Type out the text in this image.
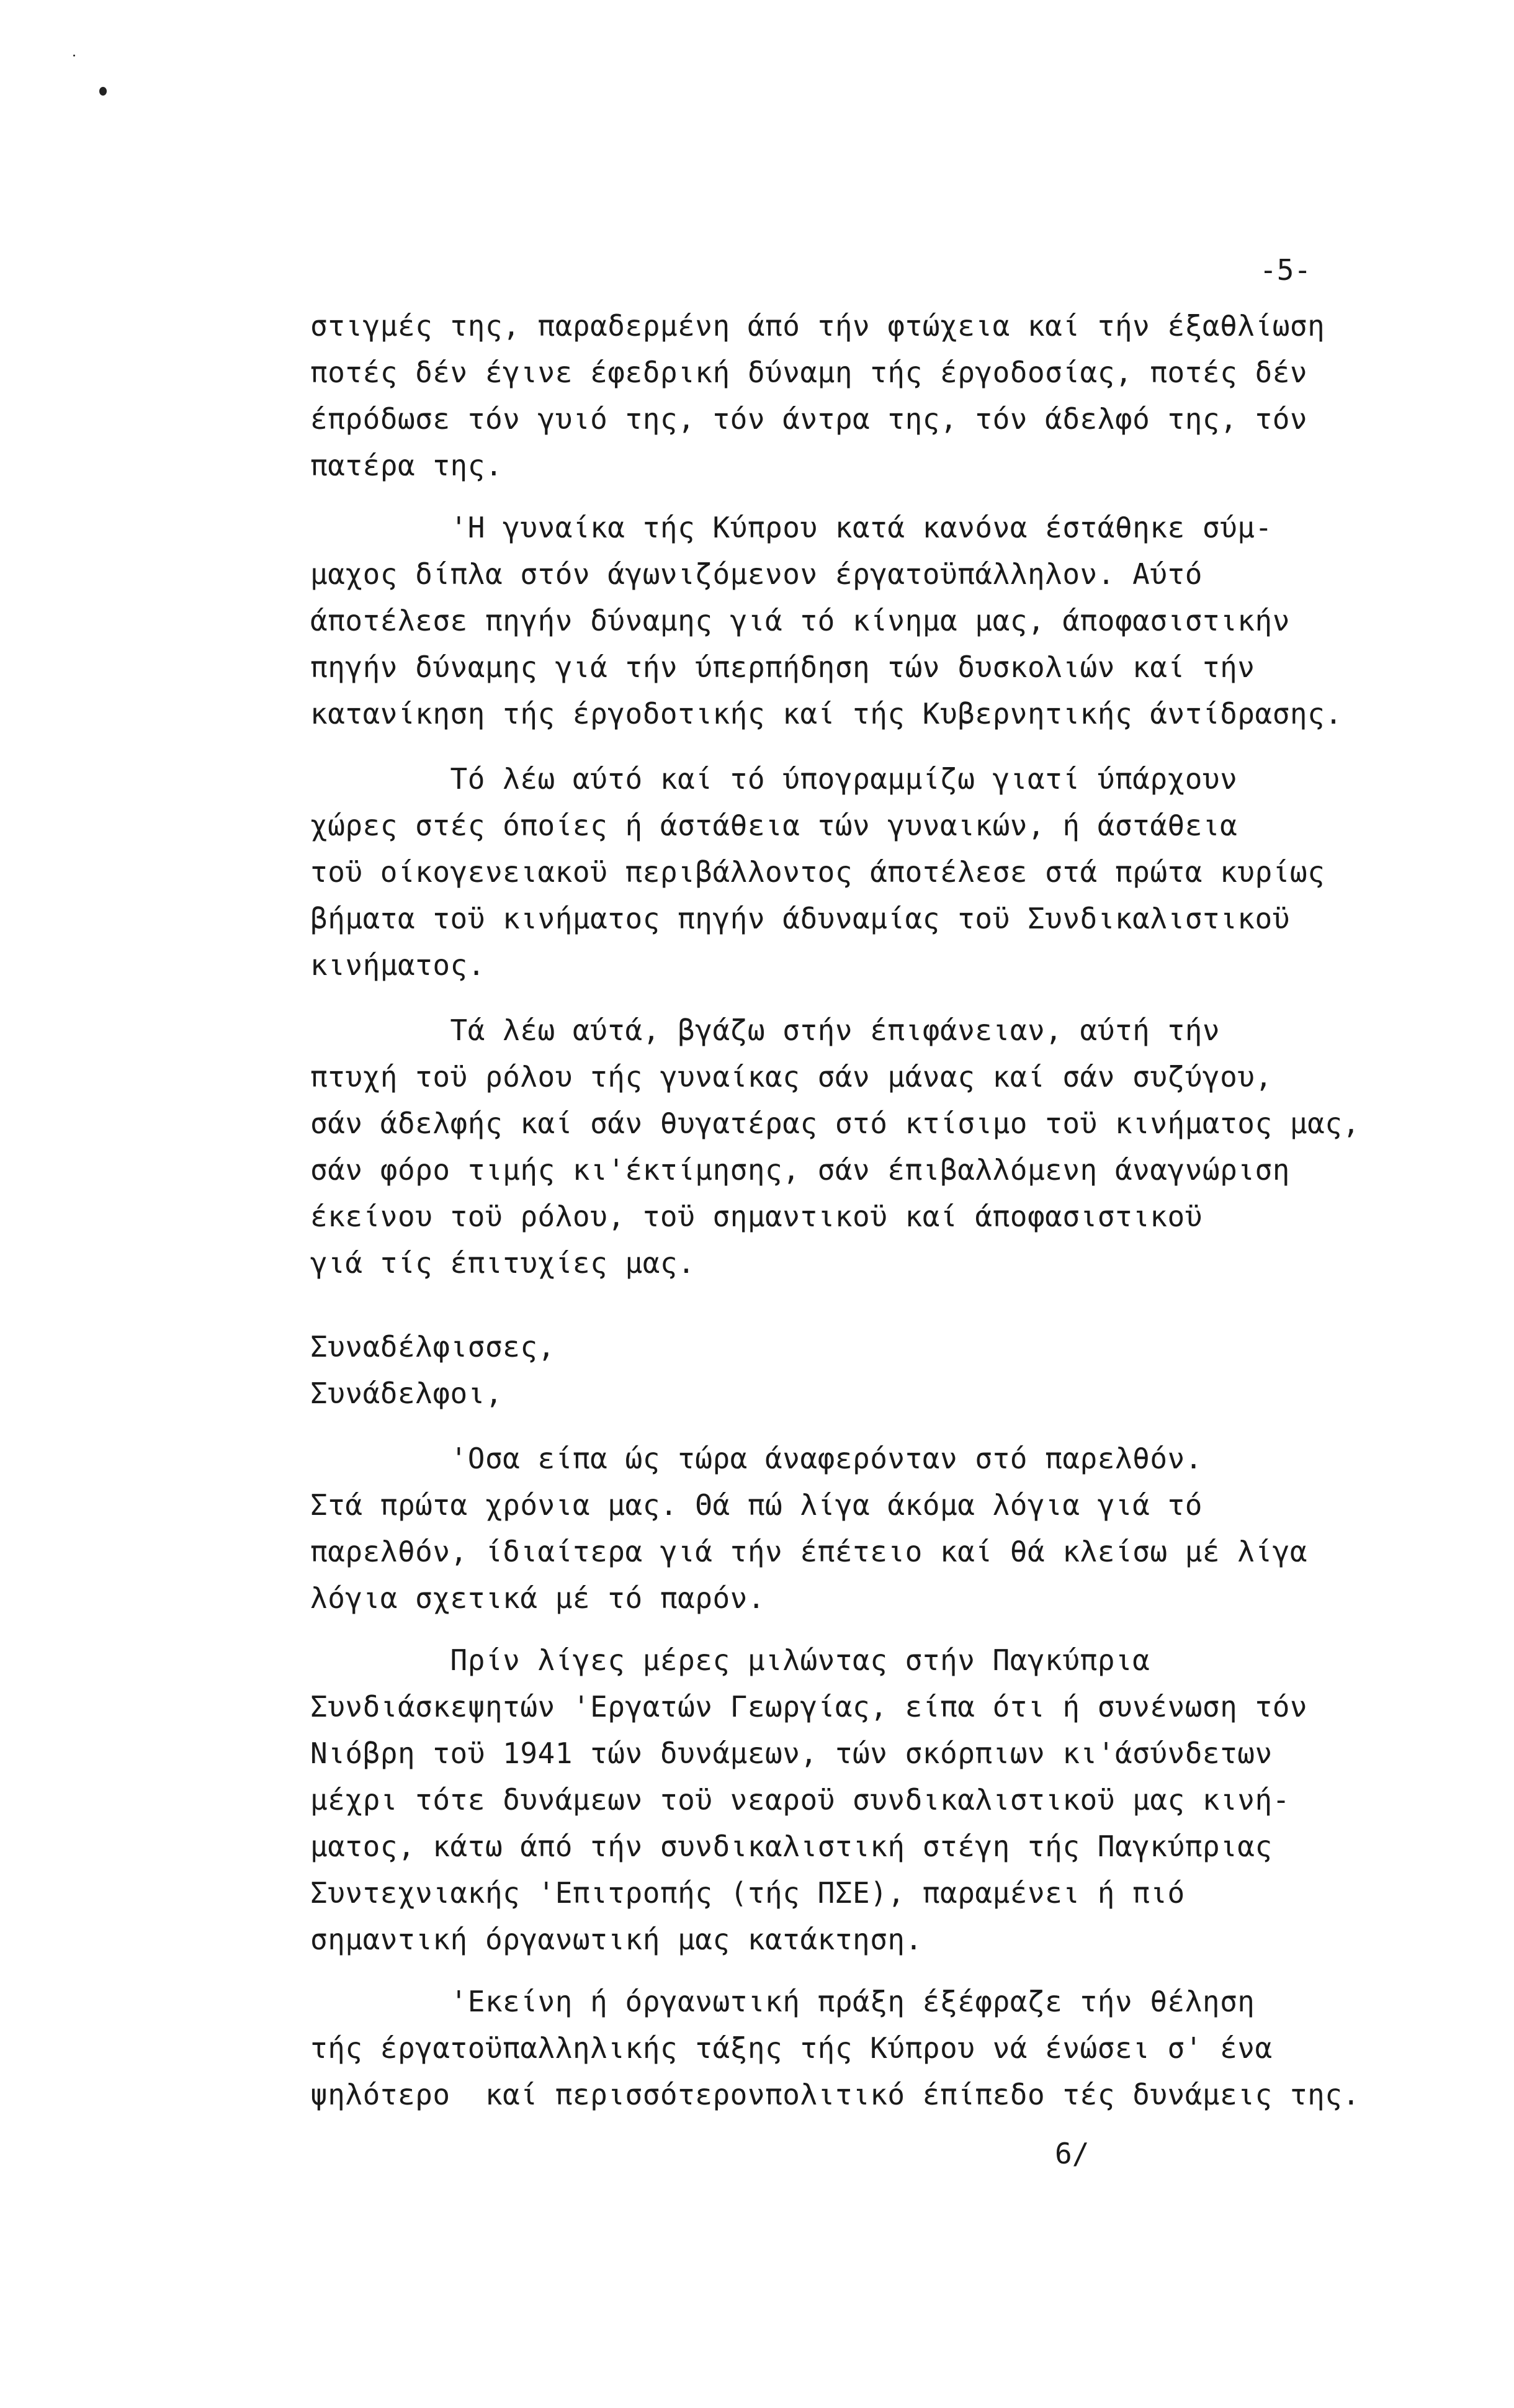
-5-
στιγμές της, παραδερμένη άπό τήν φτώχεια καί τήν έξαθλίωση
ποτές δέν έγινε έφεδρική δύναμη τής έργοδοσίας, ποτές δέν
έπρόδωσε τόν γυιό της, τόν άντρα της, τόν άδελφό της, τόν
πατέρα της.
'Η γυναίκα τής Κύπρου κατά κανόνα έστάθηκε σύμ-
μαχος δίπλα στόν άγωνιζόμενον έργατοϋπάλληλον. Αύτό
άποτέλεσε πηγήν δύναμης γιά τό κίνημα μας, άποφασιστικήν
πηγήν δύναμης γιά τήν ύπερπήδηση τών δυσκολιών καί τήν
κατανίκηση τής έργοδοτικής καί τής Κυβερνητικής άντίδρασης.
Τό λέω αύτό καί τό ύπογραμμίζω γιατί ύπάρχουν
χώρες στές όποίες ή άστάθεια τών γυναικών, ή άστάθεια
τοϋ οίκογενειακοϋ περιβάλλοντος άποτέλεσε στά πρώτα κυρίως
βήματα τοϋ κινήματος πηγήν άδυναμίας τοϋ Συνδικαλιστικοϋ
κινήματος.
Τά λέω αύτά, βγάζω στήν έπιφάνειαν, αύτή τήν
πτυχή τοϋ ρόλου τής γυναίκας σάν μάνας καί σάν συζύγου,
σάν άδελφής καί σάν θυγατέρας στό κτίσιμο τοϋ κινήματος μας,
σάν φόρο τιμής κι'έκτίμησης, σάν έπιβαλλόμενη άναγνώριση
έκείνου τοϋ ρόλου, τοϋ σημαντικοϋ καί άποφασιστικοϋ
γιά τίς έπιτυχίες μας.
Συναδέλφισσες,
Συνάδελφοι,
'Οσα είπα ώς τώρα άναφερόνταν στό παρελθόν.
Στά πρώτα χρόνια μας. Θά πώ λίγα άκόμα λόγια γιά τό
παρελθόν, ίδιαίτερα γιά τήν έπέτειο καί θά κλείσω μέ λίγα
λόγια σχετικά μέ τό παρόν.
Πρίν λίγες μέρες μιλώντας στήν Παγκύπρια
Συνδιάσκεψητών 'Εργατών Γεωργίας, είπα ότι ή συνένωση τόν
Νιόβρη τοϋ 1941 τών δυνάμεων, τών σκόρπιων κι'άσύνδετων
μέχρι τότε δυνάμεων τοϋ νεαροϋ συνδικαλιστικοϋ μας κινή-
ματος, κάτω άπό τήν συνδικαλιστική στέγη τής Παγκύπριας
Συντεχνιακής 'Επιτροπής (τής ΠΣΕ), παραμένει ή πιό
σημαντική όργανωτική μας κατάκτηση.
'Εκείνη ή όργανωτική πράξη έξέφραζε τήν θέληση
τής έργατοϋπαλληλικής τάξης τής Κύπρου νά ένώσει σ' ένα
ψηλότερο  καί περισσότερονπολιτικό έπίπεδο τές δυνάμεις της.
6/
